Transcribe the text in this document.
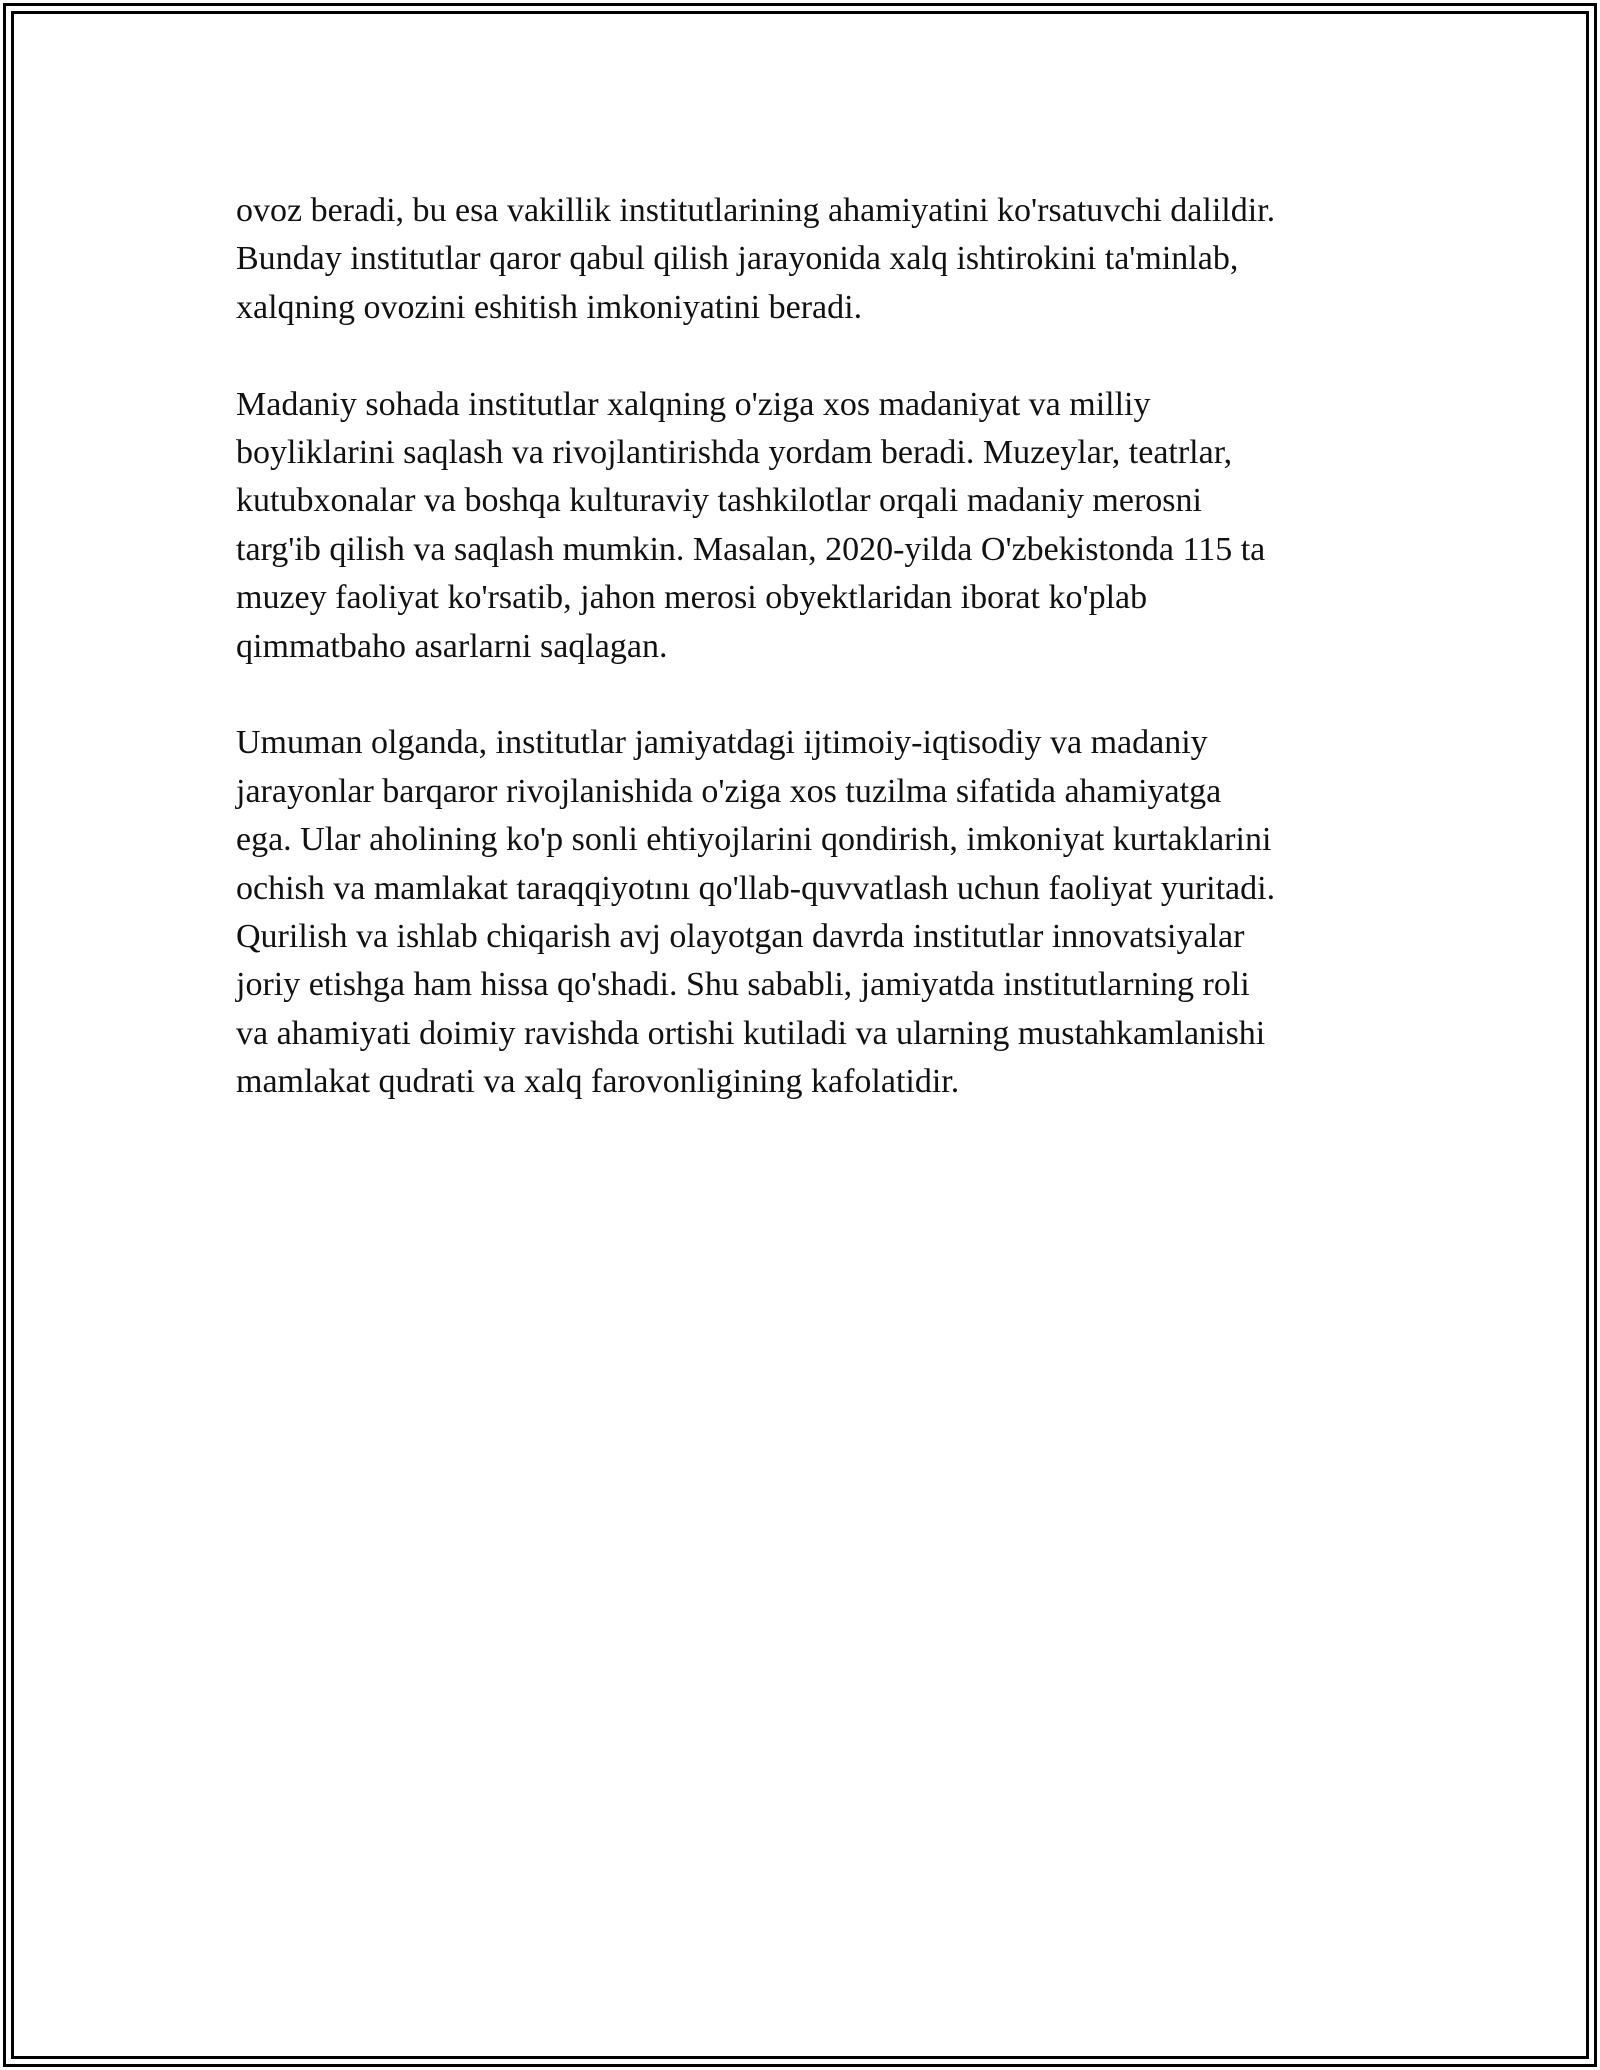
ovoz beradi, bu esa vakillik institutlarining ahamiyatini ko'rsatuvchi dalildir.
Bunday institutlar qaror qabul qilish jarayonida xalq ishtirokini ta'minlab,
xalqning ovozini eshitish imkoniyatini beradi.

Madaniy sohada institutlar xalqning o'ziga xos madaniyat va milliy
boyliklarini saqlash va rivojlantirishda yordam beradi. Muzeylar, teatrlar,
kutubxonalar va boshqa kulturaviy tashkilotlar orqali madaniy merosni
targ'ib qilish va saqlash mumkin. Masalan, 2020-yilda O'zbekistonda 115 ta
muzey faoliyat ko'rsatib, jahon merosi obyektlaridan iborat ko'plab
qimmatbaho asarlarni saqlagan.

Umuman olganda, institutlar jamiyatdagi ijtimoiy-iqtisodiy va madaniy
jarayonlar barqaror rivojlanishida o'ziga xos tuzilma sifatida ahamiyatga
ega. Ular aholining ko'p sonli ehtiyojlarini qondirish, imkoniyat kurtaklarini
ochish va mamlakat taraqqiyotını qo'llab-quvvatlash uchun faoliyat yuritadi.
Qurilish va ishlab chiqarish avj olayotgan davrda institutlar innovatsiyalar
joriy etishga ham hissa qo'shadi. Shu sababli, jamiyatda institutlarning roli
va ahamiyati doimiy ravishda ortishi kutiladi va ularning mustahkamlanishi
mamlakat qudrati va xalq farovonligining kafolatidir.
